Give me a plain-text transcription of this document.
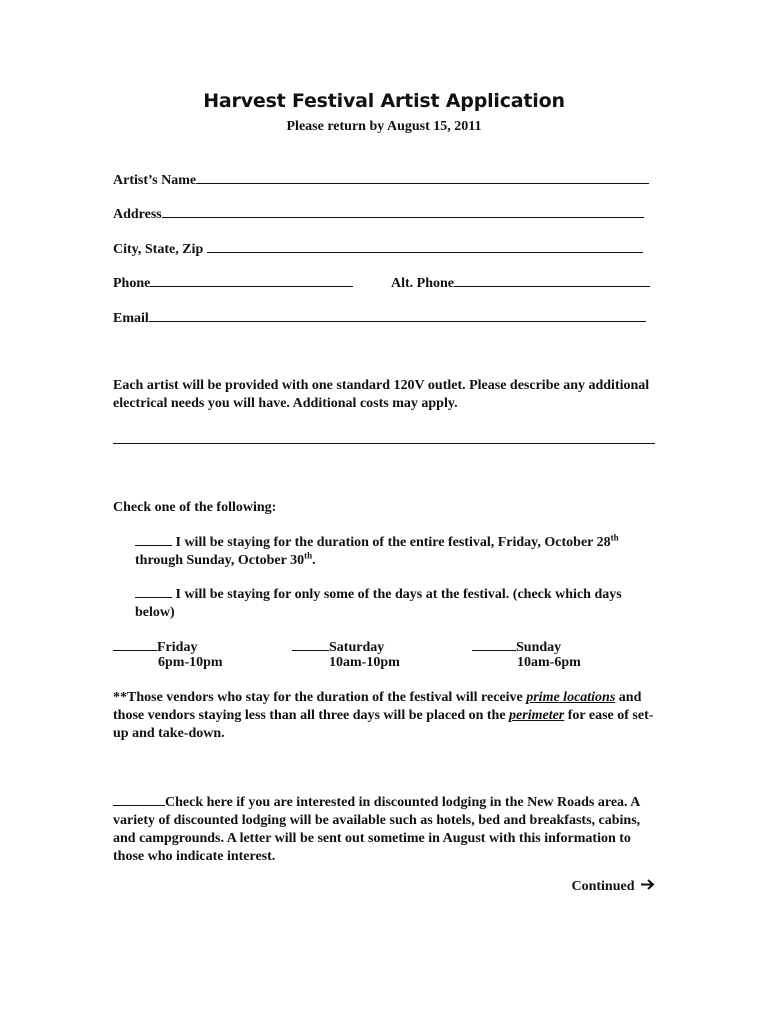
Harvest Festival Artist Application
Please return by August 15, 2011
Artist’s Name
Address
City, State, Zip
Phone	Alt. Phone
Email
Each artist will be provided with one standard 120V outlet. Please describe any additional electrical needs you will have. Additional costs may apply.
Check one of the following:
I will be staying for the duration of the entire festival, Friday, October 28th through Sunday, October 30th.
I will be staying for only some of the days at the festival. (check which days below)
Friday
6pm-10pm
Saturday
10am-10pm
Sunday
10am-6pm
**Those vendors who stay for the duration of the festival will receive prime locations and those vendors staying less than all three days will be placed on the perimeter for ease of set-up and take-down.
Check here if you are interested in discounted lodging in the New Roads area. A variety of discounted lodging will be available such as hotels, bed and breakfasts, cabins, and campgrounds. A letter will be sent out sometime in August with this information to those who indicate interest.
Continued
